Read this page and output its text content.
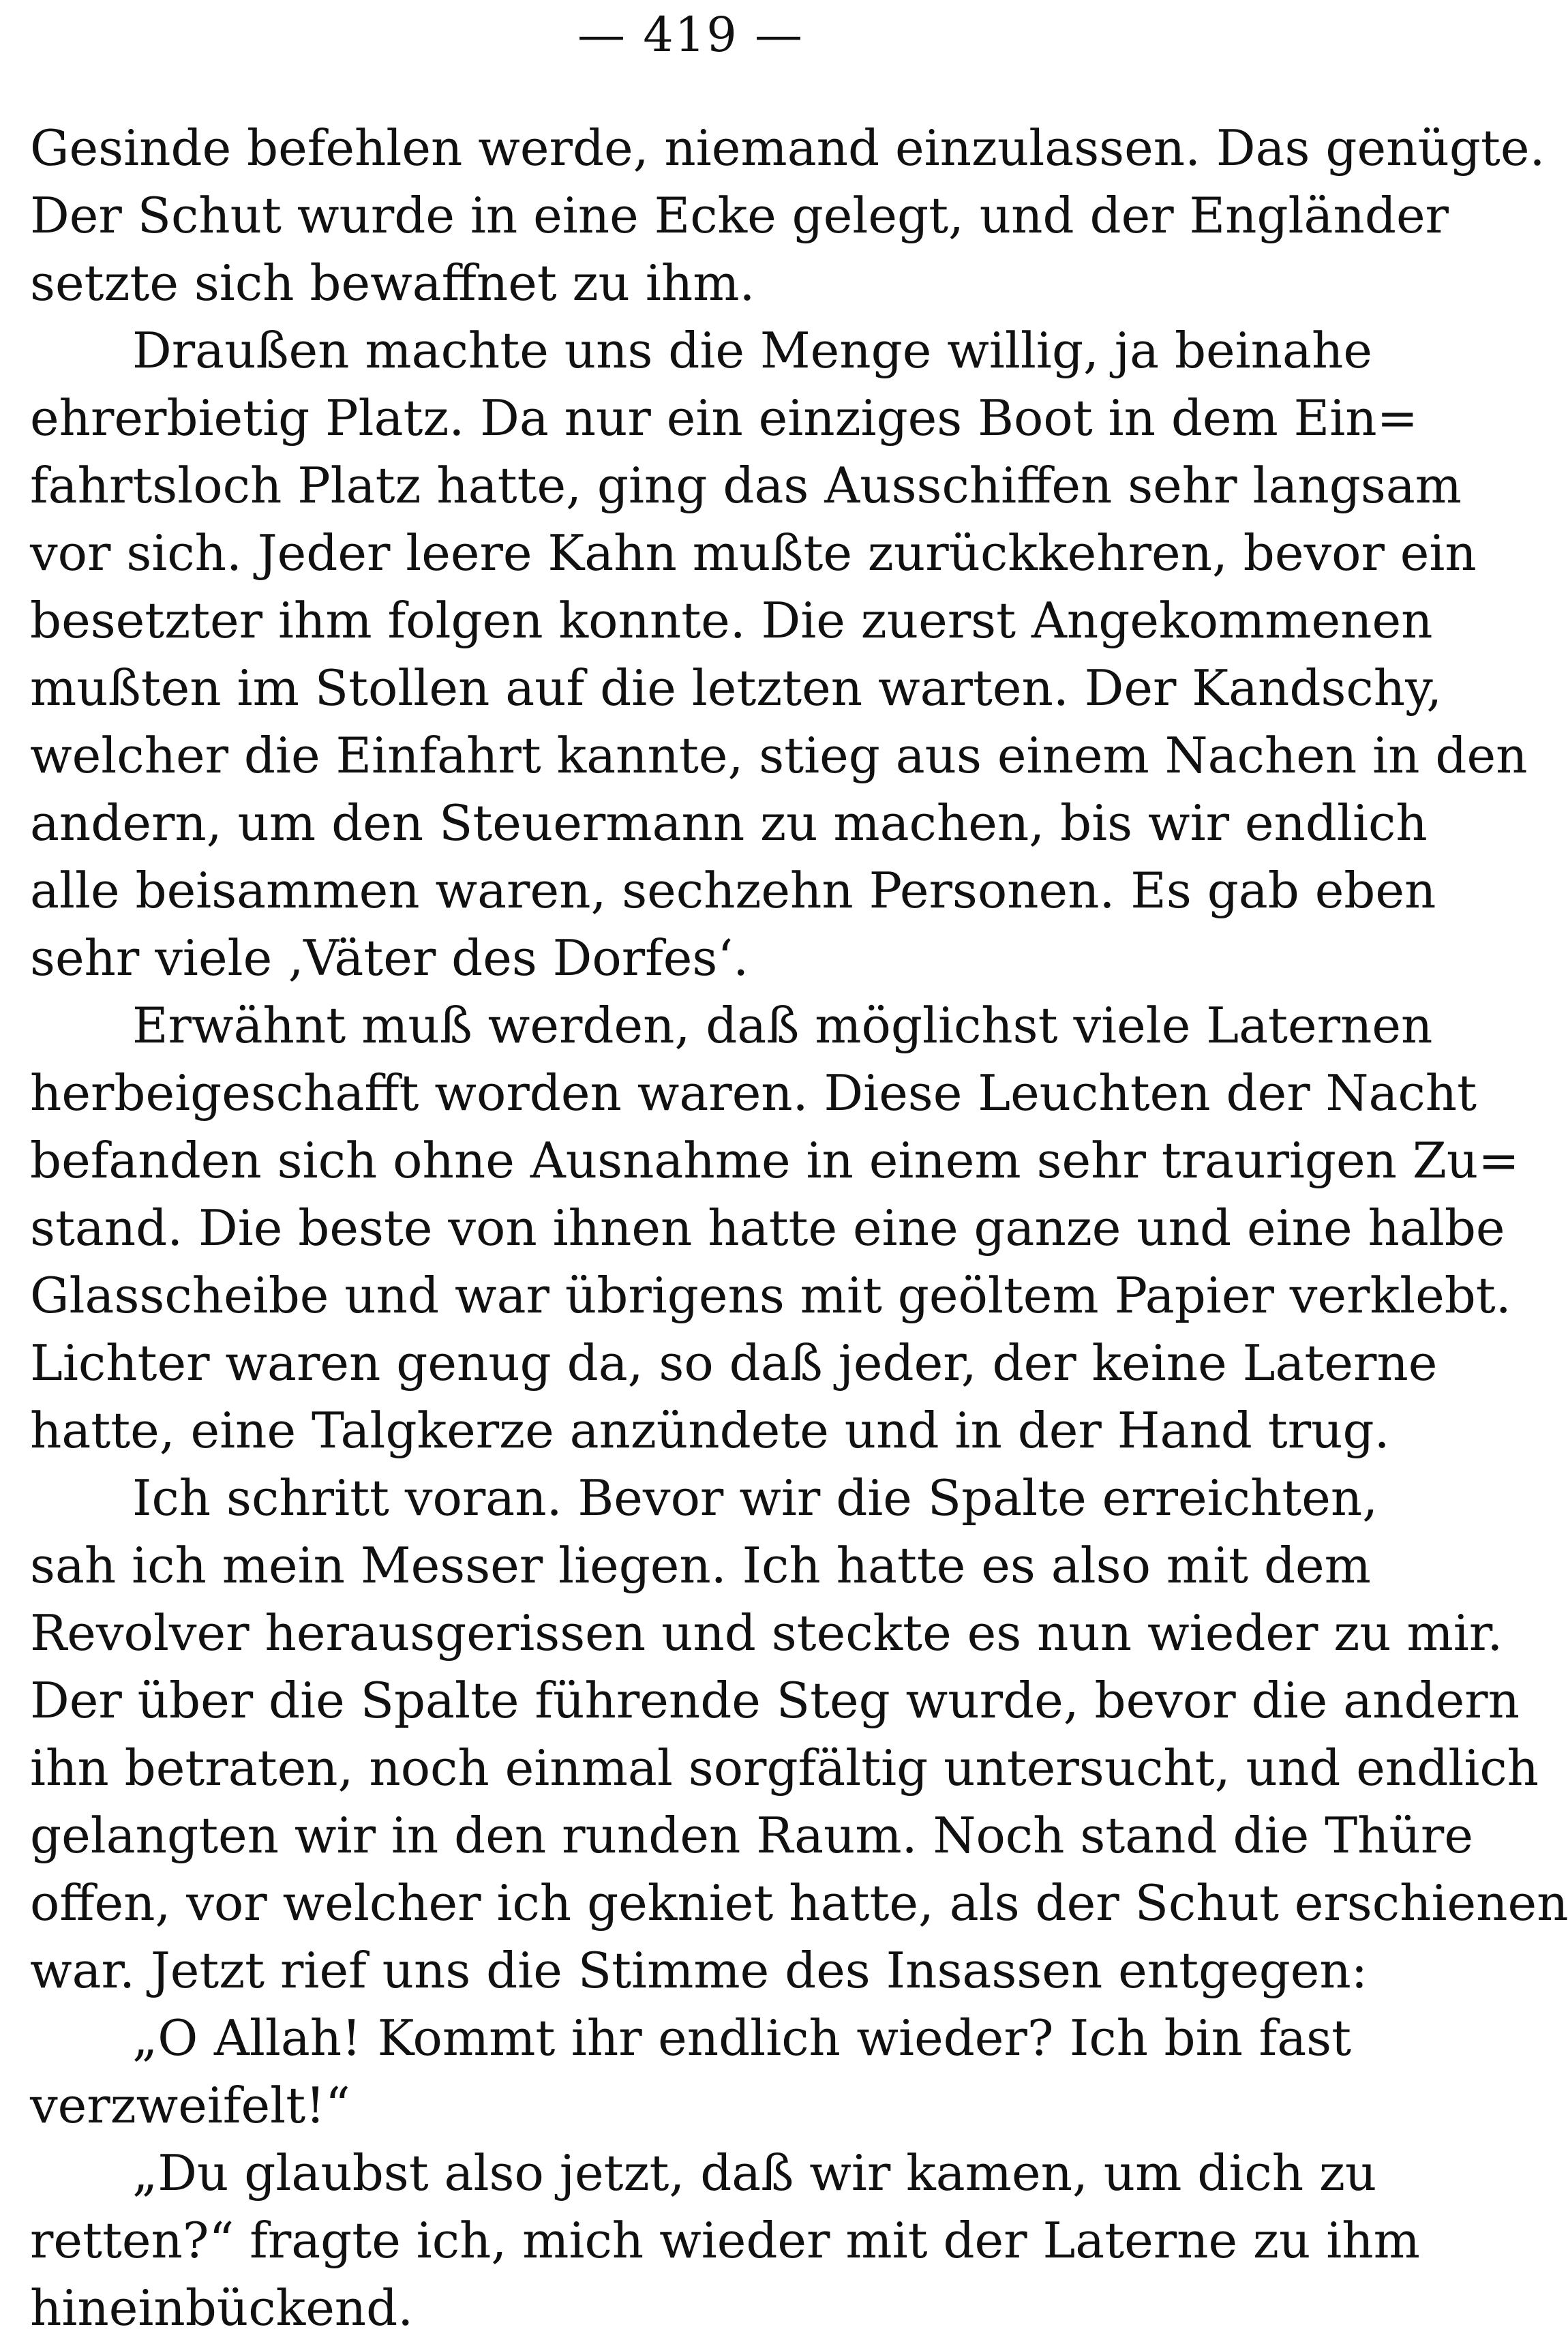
— 419 —
Gesinde befehlen werde, niemand einzulassen. Das genügte.
Der Schut wurde in eine Ecke gelegt, und der Engländer
setzte sich bewaffnet zu ihm.
Draußen machte uns die Menge willig, ja beinahe
ehrerbietig Platz. Da nur ein einziges Boot in dem Ein=
fahrtsloch Platz hatte, ging das Ausschiffen sehr langsam
vor sich. Jeder leere Kahn mußte zurückkehren, bevor ein
besetzter ihm folgen konnte. Die zuerst Angekommenen
mußten im Stollen auf die letzten warten. Der Kandschy,
welcher die Einfahrt kannte, stieg aus einem Nachen in den
andern, um den Steuermann zu machen, bis wir endlich
alle beisammen waren, sechzehn Personen. Es gab eben
sehr viele ‚Väter des Dorfes‘.
Erwähnt muß werden, daß möglichst viele Laternen
herbeigeschafft worden waren. Diese Leuchten der Nacht
befanden sich ohne Ausnahme in einem sehr traurigen Zu=
stand. Die beste von ihnen hatte eine ganze und eine halbe
Glasscheibe und war übrigens mit geöltem Papier verklebt.
Lichter waren genug da, so daß jeder, der keine Laterne
hatte, eine Talgkerze anzündete und in der Hand trug.
Ich schritt voran. Bevor wir die Spalte erreichten,
sah ich mein Messer liegen. Ich hatte es also mit dem
Revolver herausgerissen und steckte es nun wieder zu mir.
Der über die Spalte führende Steg wurde, bevor die andern
ihn betraten, noch einmal sorgfältig untersucht, und endlich
gelangten wir in den runden Raum. Noch stand die Thüre
offen, vor welcher ich gekniet hatte, als der Schut erschienen
war. Jetzt rief uns die Stimme des Insassen entgegen:
„O Allah! Kommt ihr endlich wieder? Ich bin fast
verzweifelt!“
„Du glaubst also jetzt, daß wir kamen, um dich zu
retten?“ fragte ich, mich wieder mit der Laterne zu ihm
hineinbückend.
